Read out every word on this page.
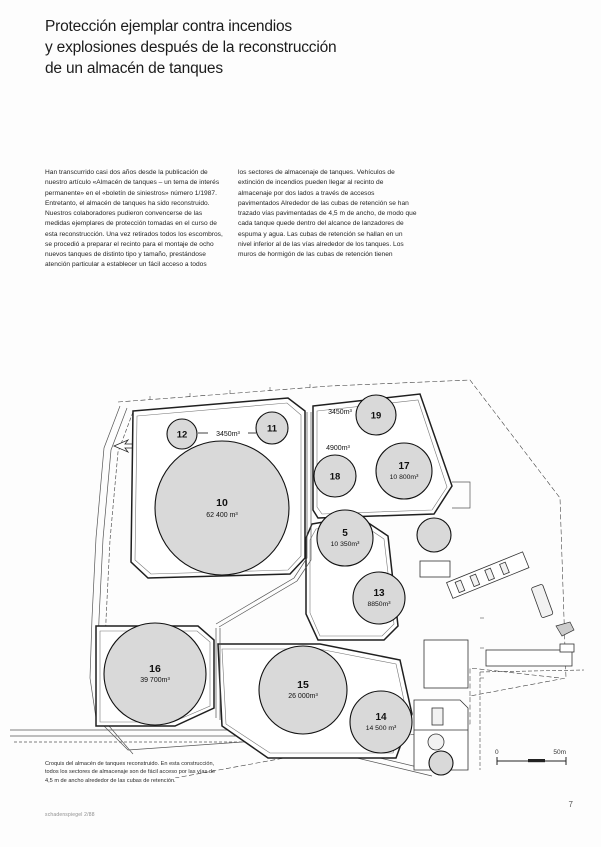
Protección ejemplar contra incendios
y explosiones después de la reconstrucción
de un almacén de tanques

Han transcurrido casi dos años desde la publicación de nuestro artículo «Almacén de tanques – un tema de interés permanente» en el «boletín de siniestros» número 1/1987. Entretanto, el almacén de tanques ha sido reconstruido. Nuestros colaboradores pudieron convencerse de las medidas ejemplares de protección tomadas en el curso de esta reconstrucción. Una vez retirados todos los escombros, se procedió a preparar el recinto para el montaje de ocho nuevos tanques de distinto tipo y tamaño, prestándose atención particular a establecer un fácil acceso a todos

los sectores de almacenaje de tanques. Vehículos de extinción de incendios pueden llegar al recinto de almacenaje por dos lados a través de accesos pavimentados Alrededor de las cubas de retención se han trazado vías pavimentadas de 4,5 m de ancho, de modo que cada tanque quede dentro del alcance de lanzadores de espuma y agua. Las cubas de retención se hallan en un nivel inferior al de las vías alrededor de los tanques. Los muros de hormigón de las cubas de retención tienen

12
11
3450m³
10
62 400 m³
19
3450m³
18
4900m³
17
10 800m³
5
10 350m³
13
8850m³
16
39 700m³	15
26 000m³
14
14 500 m³
0	50m

Croquis del almacén de tanques reconstruido. En esta construcción, todos los sectores de almacenaje son de fácil acceso por las vías de 4,5 m de ancho alrededor de las cubas de retención.

schadenspiegel 2/88
7
